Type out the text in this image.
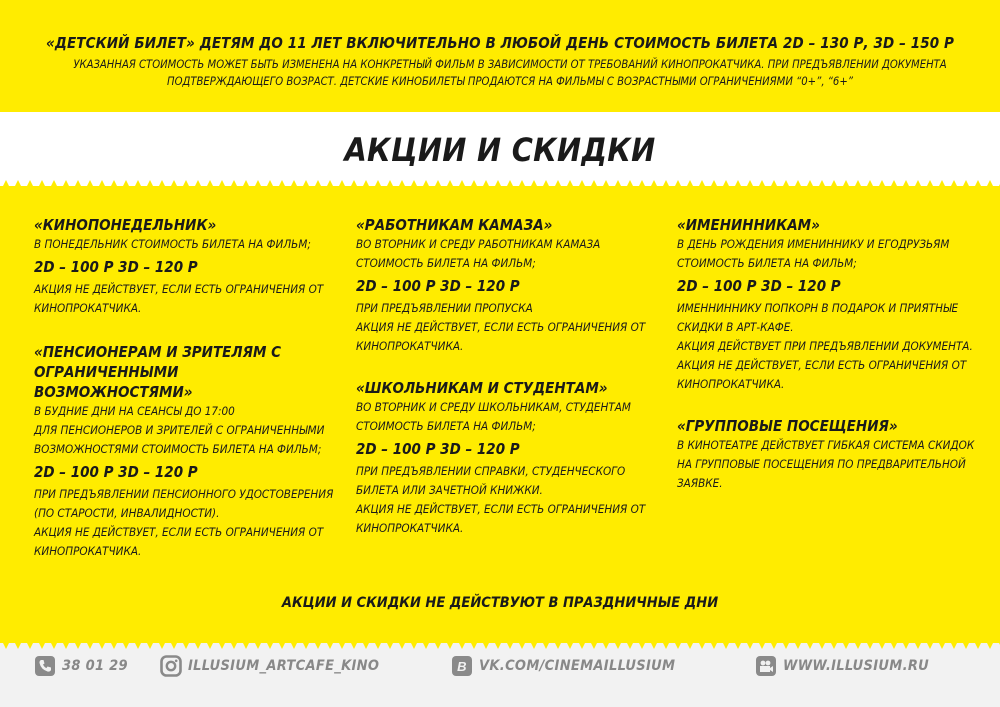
«ДЕТСКИЙ БИЛЕТ» ДЕТЯМ ДО 11 ЛЕТ ВКЛЮЧИТЕЛЬНО В ЛЮБОЙ ДЕНЬ СТОИМОСТЬ БИЛЕТА 2D – 130 Р, 3D – 150 Р
УКАЗАННАЯ СТОИМОСТЬ МОЖЕТ БЫТЬ ИЗМЕНЕНА НА КОНКРЕТНЫЙ ФИЛЬМ В ЗАВИСИМОСТИ ОТ ТРЕБОВАНИЙ КИНОПРОКАТЧИКА. ПРИ ПРЕДЪЯВЛЕНИИ ДОКУМЕНТА
ПОДТВЕРЖДАЮЩЕГО ВОЗРАСТ. ДЕТСКИЕ КИНОБИЛЕТЫ ПРОДАЮТСЯ НА ФИЛЬМЫ С ВОЗРАСТНЫМИ ОГРАНИЧЕНИЯМИ “0+”, “6+”
АКЦИИ И СКИДКИ

«КИНОПОНЕДЕЛЬНИК»

В ПОНЕДЕЛЬНИК СТОИМОСТЬ БИЛЕТА НА ФИЛЬМ;

2D – 100 Р 3D – 120 Р

АКЦИЯ НЕ ДЕЙСТВУЕТ, ЕСЛИ ЕСТЬ ОГРАНИЧЕНИЯ ОТ

КИНОПРОКАТЧИКА.

«ПЕНСИОНЕРАМ И ЗРИТЕЛЯМ С

ОГРАНИЧЕННЫМИ

ВОЗМОЖНОСТЯМИ»

В БУДНИЕ ДНИ НА СЕАНСЫ ДО 17:00

ДЛЯ ПЕНСИОНЕРОВ И ЗРИТЕЛЕЙ С ОГРАНИЧЕННЫМИ

ВОЗМОЖНОСТЯМИ СТОИМОСТЬ БИЛЕТА НА ФИЛЬМ;

2D – 100 Р 3D – 120 Р

ПРИ ПРЕДЪЯВЛЕНИИ ПЕНСИОННОГО УДОСТОВЕРЕНИЯ

(ПО СТАРОСТИ, ИНВАЛИДНОСТИ).

АКЦИЯ НЕ ДЕЙСТВУЕТ, ЕСЛИ ЕСТЬ ОГРАНИЧЕНИЯ ОТ

КИНОПРОКАТЧИКА.

«РАБОТНИКАМ КАМАЗА»

ВО ВТОРНИК И СРЕДУ РАБОТНИКАМ КАМАЗА

СТОИМОСТЬ БИЛЕТА НА ФИЛЬМ;

2D – 100 Р 3D – 120 Р

ПРИ ПРЕДЪЯВЛЕНИИ ПРОПУСКА

АКЦИЯ НЕ ДЕЙСТВУЕТ, ЕСЛИ ЕСТЬ ОГРАНИЧЕНИЯ ОТ

КИНОПРОКАТЧИКА.

«ШКОЛЬНИКАМ И СТУДЕНТАМ»

ВО ВТОРНИК И СРЕДУ ШКОЛЬНИКАМ, СТУДЕНТАМ

СТОИМОСТЬ БИЛЕТА НА ФИЛЬМ;

2D – 100 Р 3D – 120 Р

ПРИ ПРЕДЪЯВЛЕНИИ СПРАВКИ, СТУДЕНЧЕСКОГО

БИЛЕТА ИЛИ ЗАЧЕТНОЙ КНИЖКИ.

АКЦИЯ НЕ ДЕЙСТВУЕТ, ЕСЛИ ЕСТЬ ОГРАНИЧЕНИЯ ОТ

КИНОПРОКАТЧИКА.

«ИМЕНИННИКАМ»

В ДЕНЬ РОЖДЕНИЯ ИМЕНИННИКУ И ЕГОДРУЗЬЯМ

СТОИМОСТЬ БИЛЕТА НА ФИЛЬМ;

2D – 100 Р 3D – 120 Р

ИМЕННИННИКУ ПОПКОРН В ПОДАРОК И ПРИЯТНЫЕ

СКИДКИ В АРТ-КАФЕ.

АКЦИЯ ДЕЙСТВУЕТ ПРИ ПРЕДЪЯВЛЕНИИ ДОКУМЕНТА.

АКЦИЯ НЕ ДЕЙСТВУЕТ, ЕСЛИ ЕСТЬ ОГРАНИЧЕНИЯ ОТ

КИНОПРОКАТЧИКА.

«ГРУППОВЫЕ ПОСЕЩЕНИЯ»

В КИНОТЕАТРЕ ДЕЙСТВУЕТ ГИБКАЯ СИСТЕМА СКИДОК

НА ГРУППОВЫЕ ПОСЕЩЕНИЯ ПО ПРЕДВАРИТЕЛЬНОЙ

ЗАЯВКЕ.

АКЦИИ И СКИДКИ НЕ ДЕЙСТВУЮТ В ПРАЗДНИЧНЫЕ ДНИ
38 01 29	ILLUSIUM_ARTCAFE_KINO	B VK.COM/CINEMAILLUSIUM	WWW.ILLUSIUM.RU
